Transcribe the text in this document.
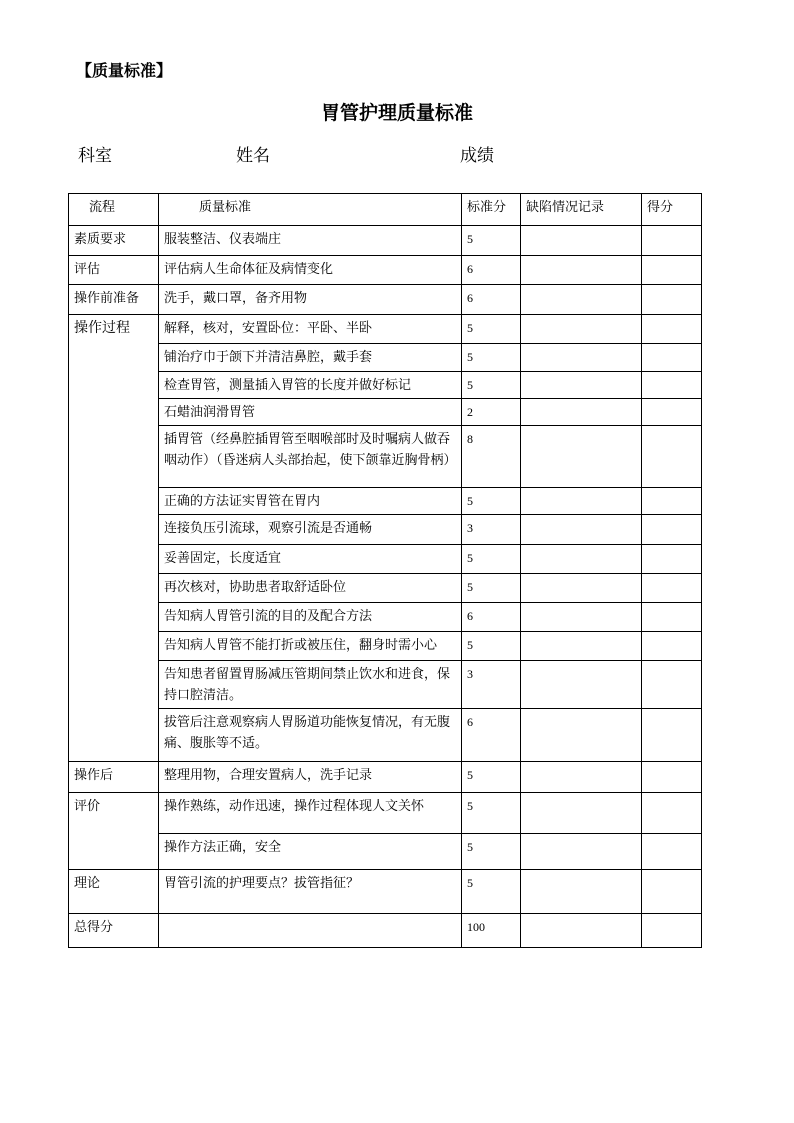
【质量标准】

胃管护理质量标准
科室	姓名	成绩
流程	质量标准	标准分	缺陷情况记录	得分
素质要求	服装整洁、仪表端庄	5		
评估	评估病人生命体征及病情变化	6		
操作前准备	洗手，戴口罩，备齐用物	6		
操作过程	解释，核对，安置卧位：平卧、半卧	5		
	铺治疗巾于颌下并清洁鼻腔，戴手套	5		
	检查胃管，测量插入胃管的长度并做好标记	5		
	石蜡油润滑胃管	2		
	插胃管（经鼻腔插胃管至咽喉部时及时嘱病人做吞咽动作）（昏迷病人头部抬起，使下颌靠近胸骨柄）	8		
	正确的方法证实胃管在胃内	5		
	连接负压引流球，观察引流是否通畅	3		
	妥善固定，长度适宜	5		
	再次核对，协助患者取舒适卧位	5		
	告知病人胃管引流的目的及配合方法	6		
	告知病人胃管不能打折或被压住，翻身时需小心	5		
	告知患者留置胃肠减压管期间禁止饮水和进食，保持口腔清洁。	3		
	拔管后注意观察病人胃肠道功能恢复情况，有无腹痛、腹胀等不适。	6		
操作后	整理用物，合理安置病人，洗手记录	5		
评价	操作熟练，动作迅速，操作过程体现人文关怀	5		
	操作方法正确，安全	5		
理论	胃管引流的护理要点？拔管指征？	5		
总得分		100		
